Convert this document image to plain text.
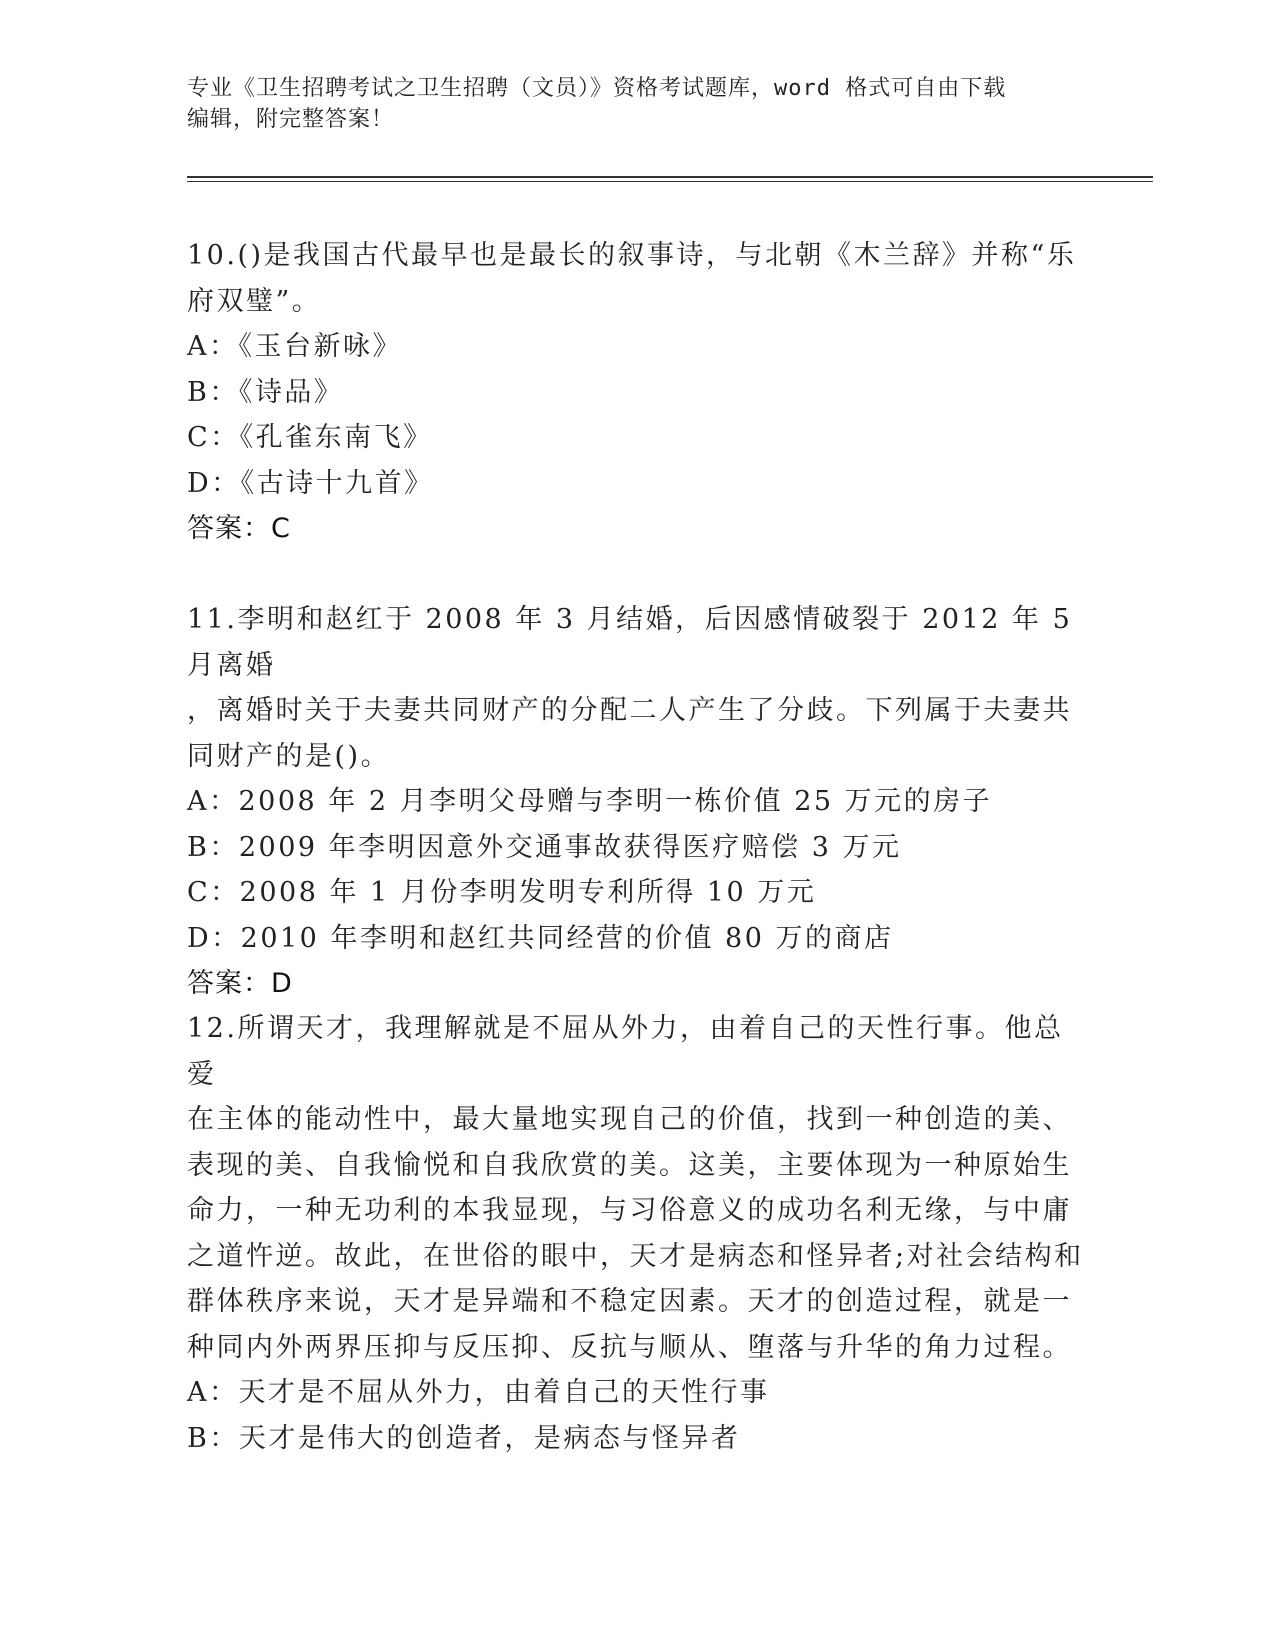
专业《卫生招聘考试之卫生招聘（文员）》资格考试题库，word 格式可自由下载
编辑，附完整答案！

10.()是我国古代最早也是最长的叙事诗，与北朝《木兰辞》并称“乐

府双璧”。

A：《玉台新咏》

B：《诗品》

C：《孔雀东南飞》

D：《古诗十九首》

答案：C

11.李明和赵红于 2008 年 3 月结婚，后因感情破裂于 2012 年 5 月离婚

，离婚时关于夫妻共同财产的分配二人产生了分歧。下列属于夫妻共

同财产的是()。

A：2008 年 2 月李明父母赠与李明一栋价值 25 万元的房子

B：2009 年李明因意外交通事故获得医疗赔偿 3 万元

C：2008 年 1 月份李明发明专利所得 10 万元

D：2010 年李明和赵红共同经营的价值 80 万的商店

答案：D

12.所谓天才，我理解就是不屈从外力，由着自己的天性行事。他总爱

在主体的能动性中，最大量地实现自己的价值，找到一种创造的美、

表现的美、自我愉悦和自我欣赏的美。这美，主要体现为一种原始生

命力，一种无功利的本我显现，与习俗意义的成功名利无缘，与中庸

之道忤逆。故此，在世俗的眼中，天才是病态和怪异者;对社会结构和

群体秩序来说，天才是异端和不稳定因素。天才的创造过程，就是一

种同内外两界压抑与反压抑、反抗与顺从、堕落与升华的角力过程。

A：天才是不屈从外力，由着自己的天性行事

B：天才是伟大的创造者，是病态与怪异者
